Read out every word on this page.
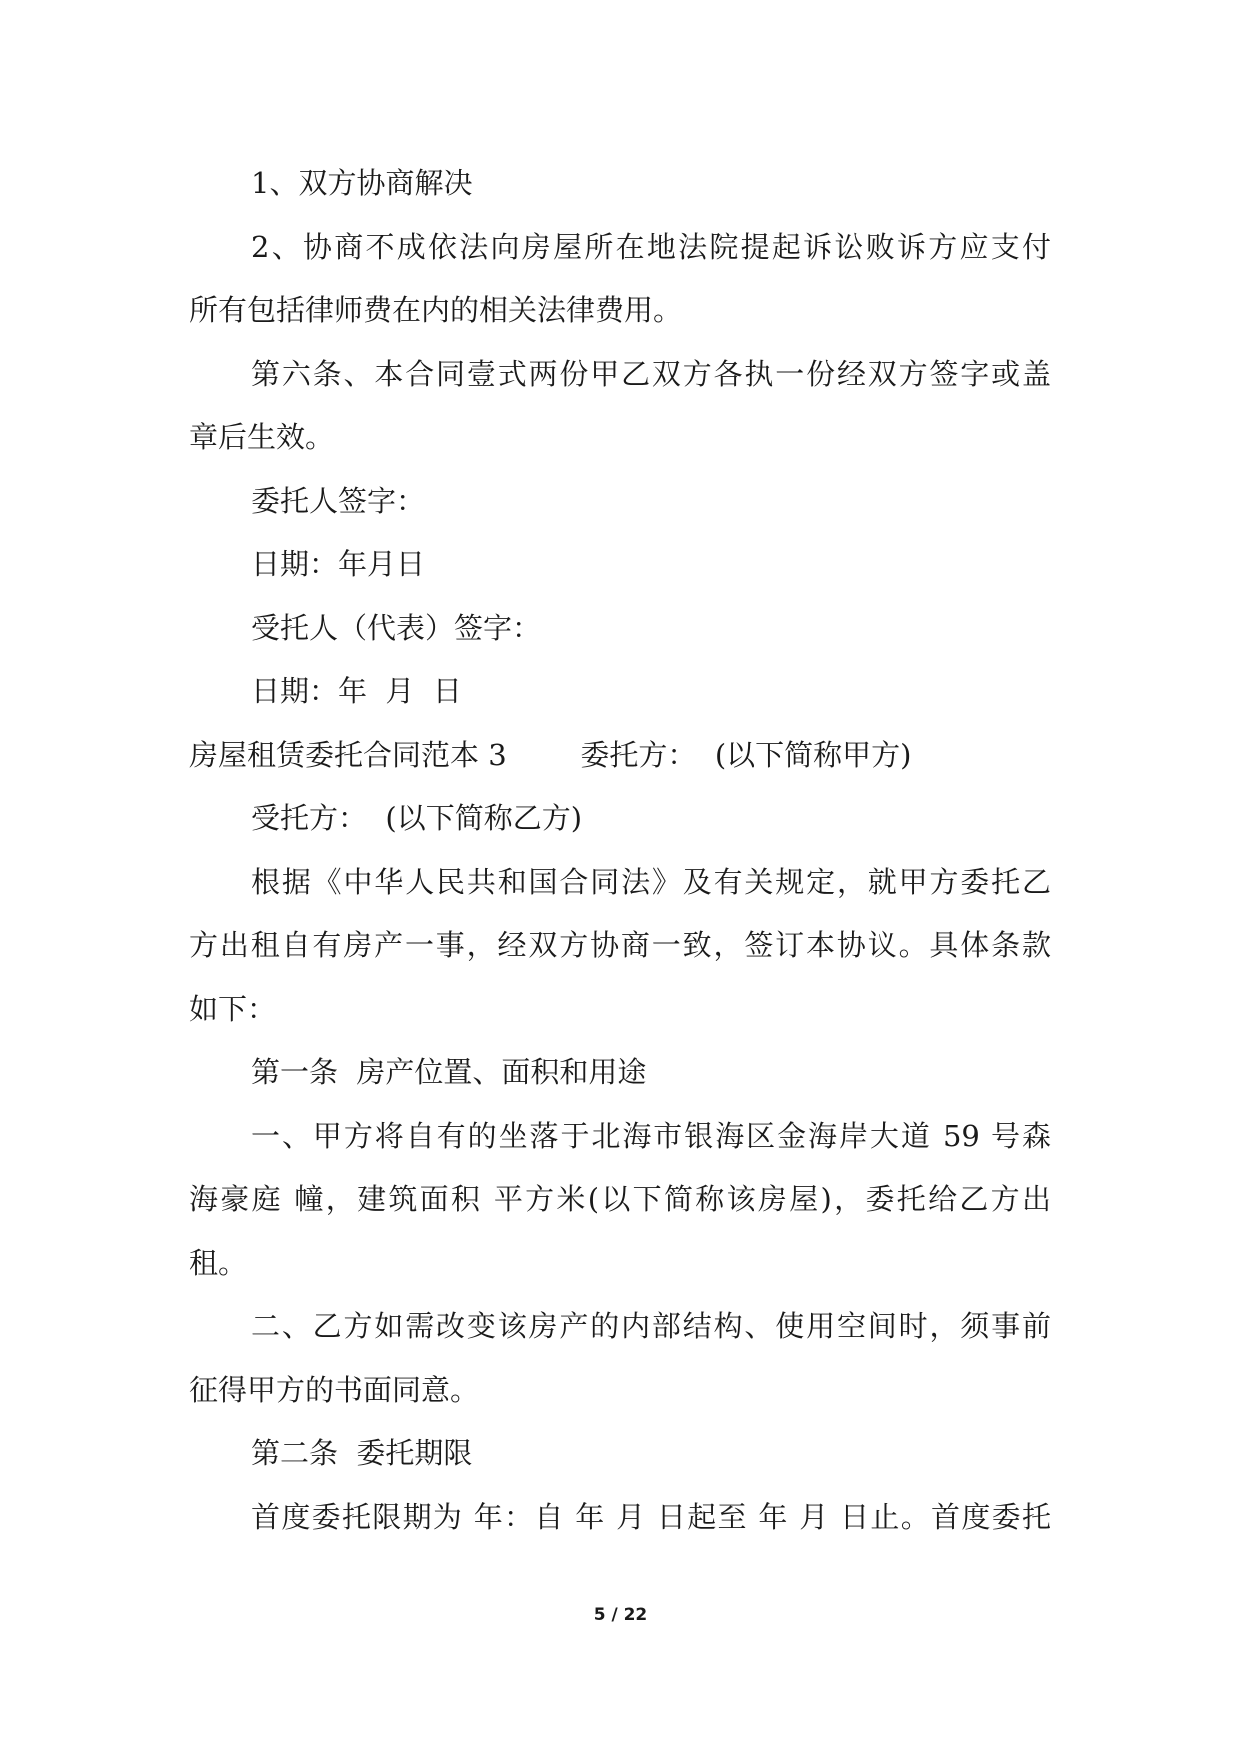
1、双方协商解决
2、协商不成依法向房屋所在地法院提起诉讼败诉方应支付
所有包括律师费在内的相关法律费用。
第六条、本合同壹式两份甲乙双方各执一份经双方签字或盖
章后生效。
委托人签字：
日期：年月日
受托人（代表）签字：
日期：年  月  日
房屋租赁委托合同范本 3        委托方：  (以下简称甲方)
受托方：  (以下简称乙方)
根据《中华人民共和国合同法》及有关规定，就甲方委托乙
方出租自有房产一事，经双方协商一致，签订本协议。具体条款
如下：
第一条  房产位置、面积和用途
一、甲方将自有的坐落于北海市银海区金海岸大道 59 号森
海豪庭 幢，建筑面积 平方米(以下简称该房屋)，委托给乙方出
租。
二、乙方如需改变该房产的内部结构、使用空间时，须事前
征得甲方的书面同意。
第二条  委托期限
首度委托限期为 年：自 年 月 日起至 年 月 日止。首度委托
5 / 22
